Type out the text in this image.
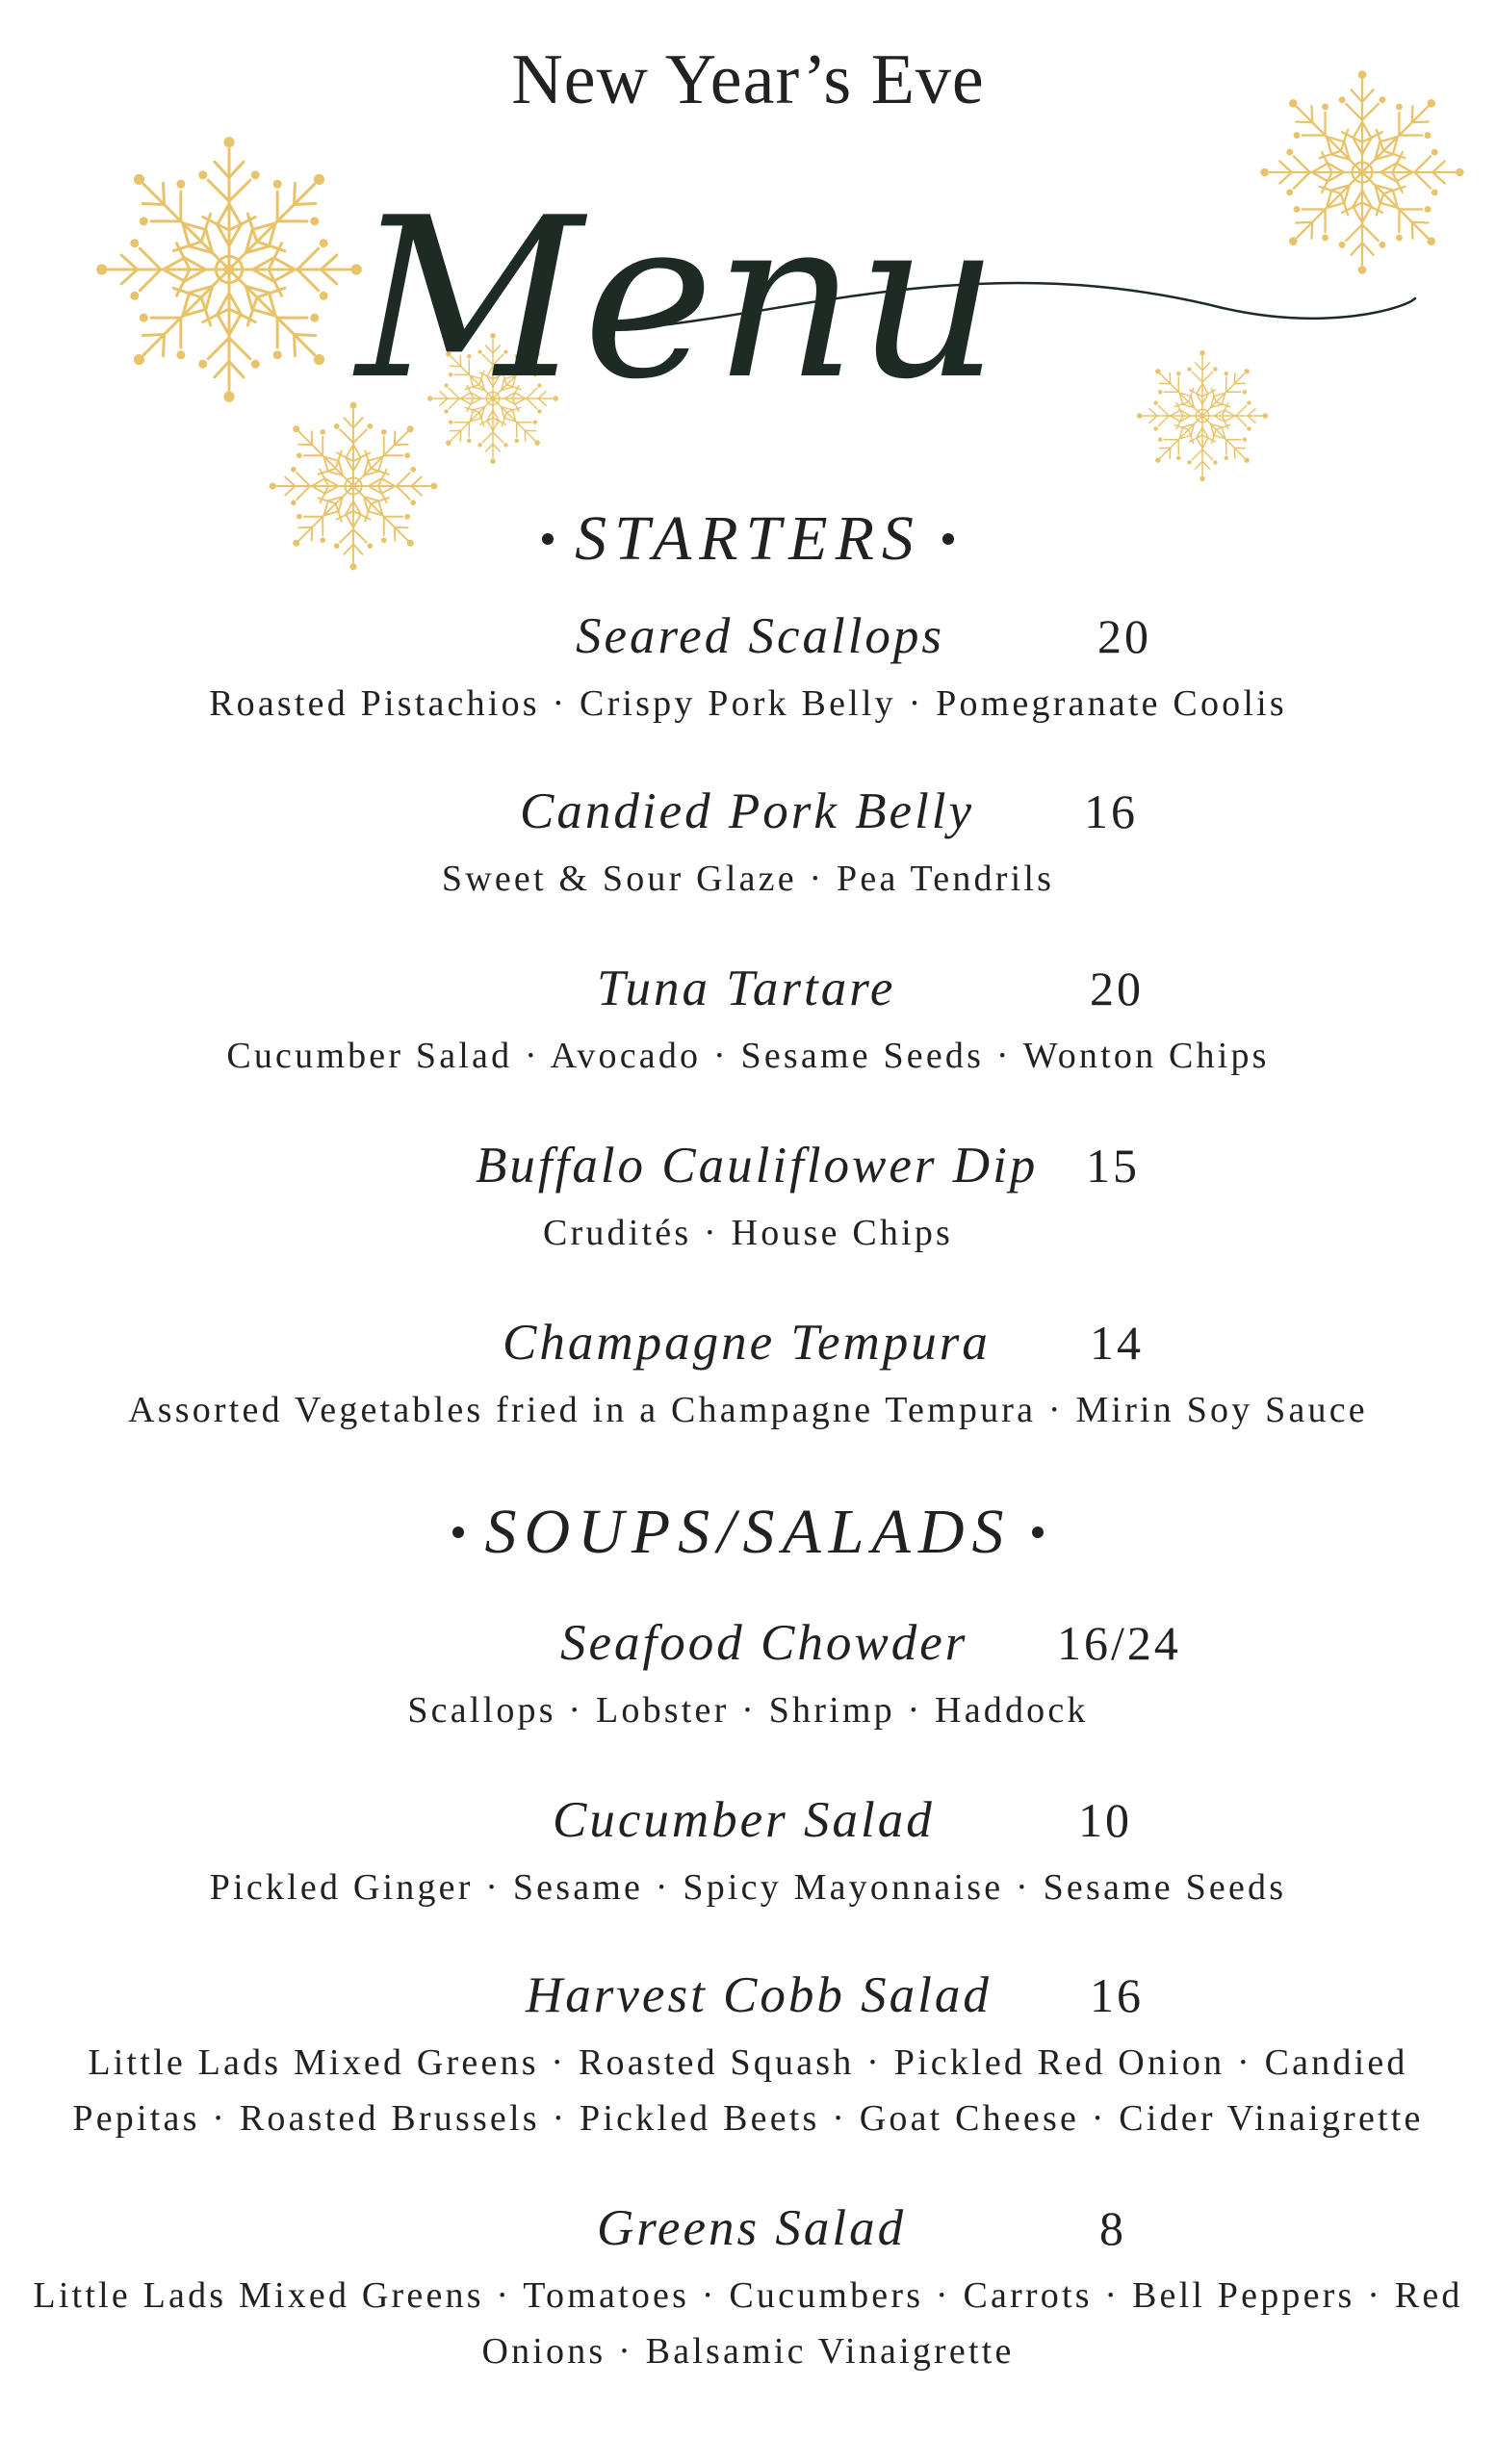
New Year’s Eve
Menu
STARTERS
Seared Scallops	20
Roasted Pistachios · Crispy Pork Belly · Pomegranate Coolis
Candied Pork Belly 16
Sweet & Sour Glaze · Pea Tendrils
Tuna Tartare	20
Cucumber Salad · Avocado · Sesame Seeds · Wonton Chips
Buffalo Cauliflower Dip 15
Crudités · House Chips
Champagne Tempura 14
Assorted Vegetables fried in a Champagne Tempura · Mirin Soy Sauce
SOUPS/SALADS
Seafood Chowder 16/24
Scallops · Lobster · Shrimp · Haddock
Cucumber Salad	10
Pickled Ginger · Sesame · Spicy Mayonnaise · Sesame Seeds
Harvest Cobb Salad 16
Little Lads Mixed Greens · Roasted Squash · Pickled Red Onion · Candied Pepitas · Roasted Brussels · Pickled Beets · Goat Cheese · Cider Vinaigrette
Greens Salad	8
Little Lads Mixed Greens · Tomatoes · Cucumbers · Carrots · Bell Peppers · Red Onions · Balsamic Vinaigrette
